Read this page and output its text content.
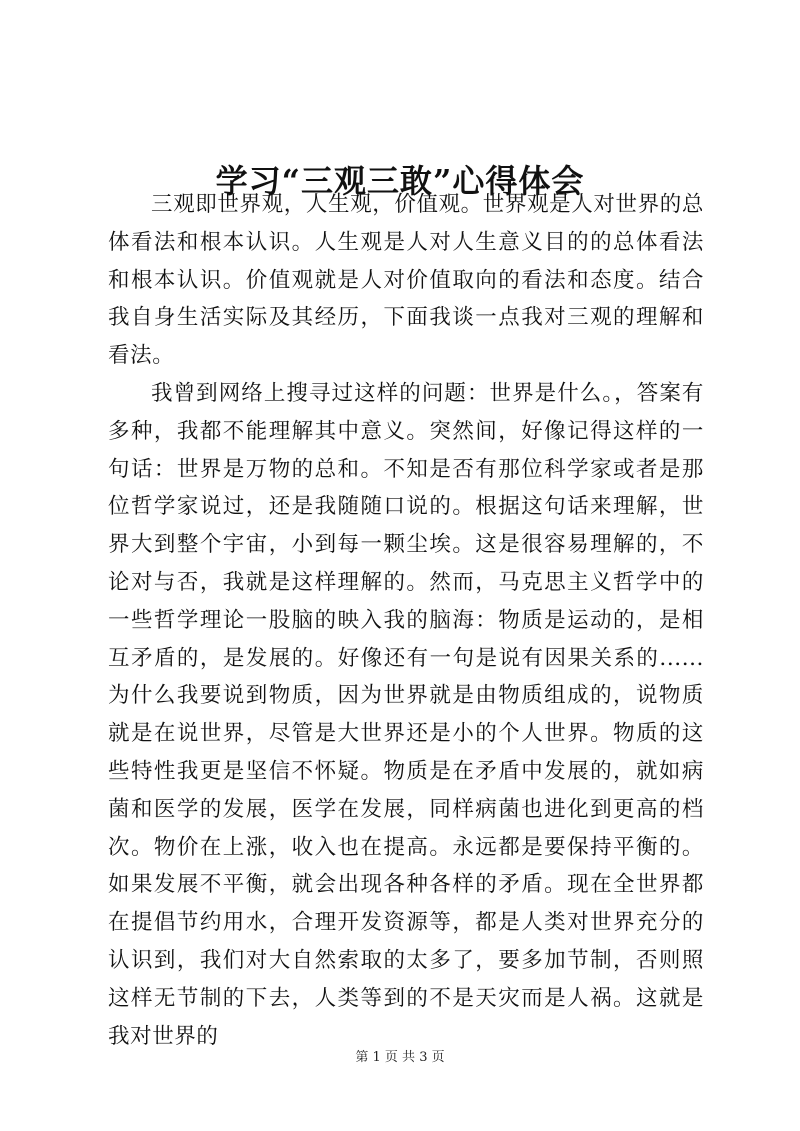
学习“三观三敢”心得体会

三观即世界观，人生观，价值观。世界观是人对世界的总体看法和根本认识。人生观是人对人生意义目的的总体看法和根本认识。价值观就是人对价值取向的看法和态度。结合我自身生活实际及其经历，下面我谈一点我对三观的理解和看法。

我曾到网络上搜寻过这样的问题：世界是什么。，答案有多种，我都不能理解其中意义。突然间，好像记得这样的一句话：世界是万物的总和。不知是否有那位科学家或者是那位哲学家说过，还是我随随口说的。根据这句话来理解，世界大到整个宇宙，小到每一颗尘埃。这是很容易理解的，不论对与否，我就是这样理解的。然而，马克思主义哲学中的一些哲学理论一股脑的映入我的脑海：物质是运动的，是相互矛盾的，是发展的。好像还有一句是说有因果关系的......为什么我要说到物质，因为世界就是由物质组成的，说物质就是在说世界，尽管是大世界还是小的个人世界。物质的这些特性我更是坚信不怀疑。物质是在矛盾中发展的，就如病菌和医学的发展，医学在发展，同样病菌也进化到更高的档次。物价在上涨，收入也在提高。永远都是要保持平衡的。如果发展不平衡，就会出现各种各样的矛盾。现在全世界都在提倡节约用水，合理开发资源等，都是人类对世界充分的认识到，我们对大自然索取的太多了，要多加节制，否则照这样无节制的下去，人类等到的不是天灾而是人祸。这就是我对世界的

第 1 页 共 3 页
